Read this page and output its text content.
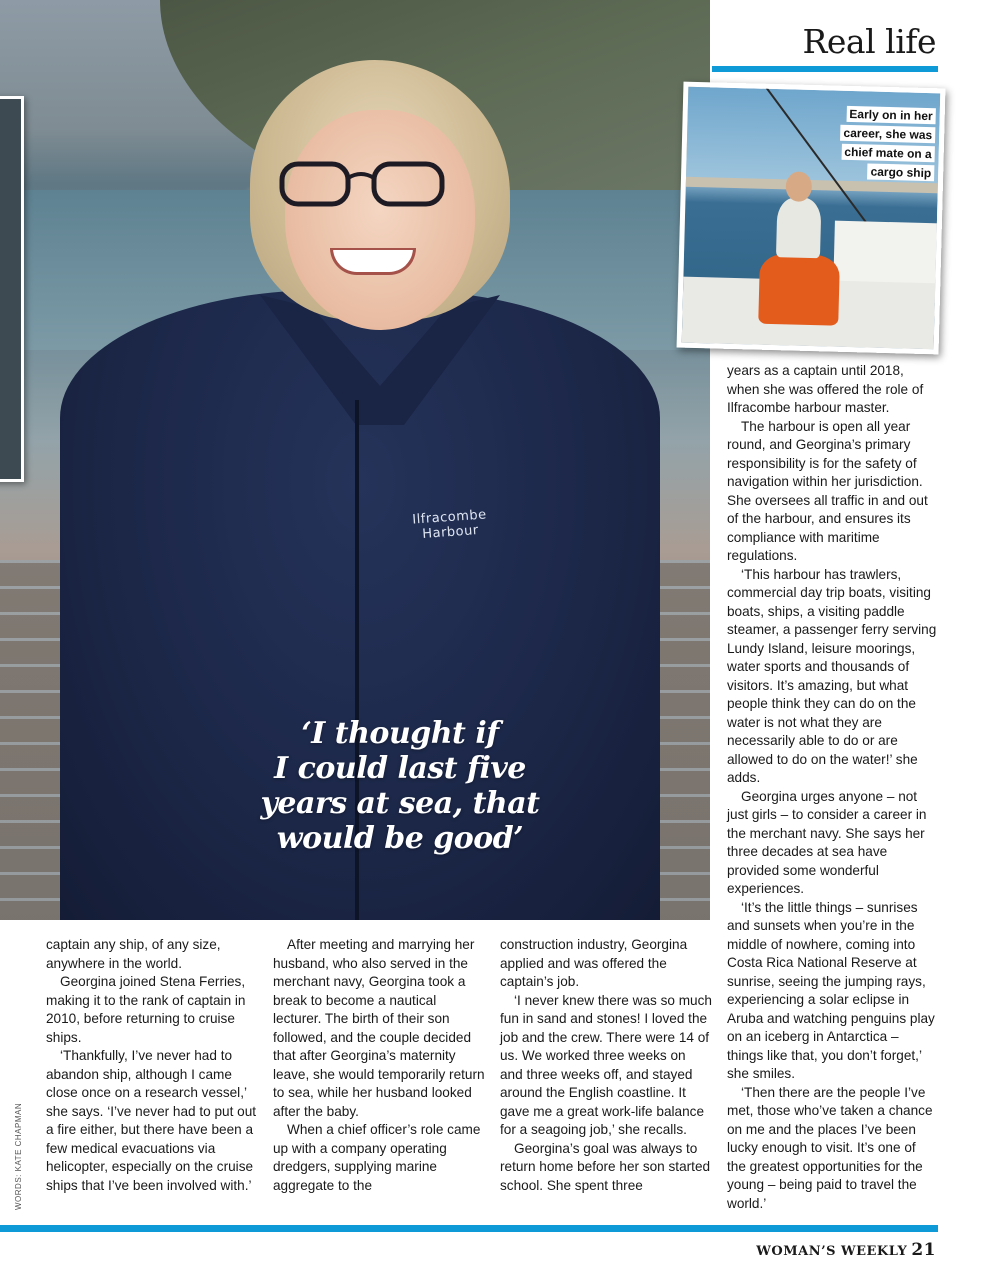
Ilfracombe
Harbour
‘I thought if
I could last five
years at sea, that
would be good’
Real life
Early on in her career, she was chief mate on a cargo ship

captain any ship, of any size, anywhere in the world.

Georgina joined Stena Ferries, making it to the rank of captain in 2010, before returning to cruise ships.

‘Thankfully, I’ve never had to abandon ship, although I came close once on a research vessel,’ she says. ‘I’ve never had to put out a fire either, but there have been a few medical evacuations via helicopter, especially on the cruise ships that I’ve been involved with.’

After meeting and marrying her husband, who also served in the merchant navy, Georgina took a break to become a nautical lecturer. The birth of their son followed, and the couple decided that after Georgina’s maternity leave, she would temporarily return to sea, while her husband looked after the baby.

When a chief officer’s role came up with a company operating dredgers, supplying marine aggregate to the

construction industry, Georgina applied and was offered the captain’s job.

‘I never knew there was so much fun in sand and stones! I loved the job and the crew. There were 14 of us. We worked three weeks on and three weeks off, and stayed around the English coastline. It gave me a great work-life balance for a seagoing job,’ she recalls.

Georgina’s goal was always to return home before her son started school. She spent three

years as a captain until 2018, when she was offered the role of Ilfracombe harbour master.

The harbour is open all year round, and Georgina’s primary responsibility is for the safety of navigation within her jurisdiction. She oversees all traffic in and out of the harbour, and ensures its compliance with maritime regulations.

‘This harbour has trawlers, commercial day trip boats, visiting boats, ships, a visiting paddle steamer, a passenger ferry serving Lundy Island, leisure moorings, water sports and thousands of visitors. It’s amazing, but what people think they can do on the water is not what they are necessarily able to do or are allowed to do on the water!’ she adds.

Georgina urges anyone – not just girls – to consider a career in the merchant navy. She says her three decades at sea have provided some wonderful experiences.

‘It’s the little things – sunrises and sunsets when you’re in the middle of nowhere, coming into Costa Rica National Reserve at sunrise, seeing the jumping rays, experiencing a solar eclipse in Aruba and watching penguins play on an iceberg in Antarctica – things like that, you don’t forget,’ she smiles.

‘Then there are the people I’ve met, those who’ve taken a chance on me and the places I’ve been lucky enough to visit. It’s one of the greatest opportunities for the young – being paid to travel the world.’

WORDS: KATE CHAPMAN
WOMAN’S WEEKLY 21
